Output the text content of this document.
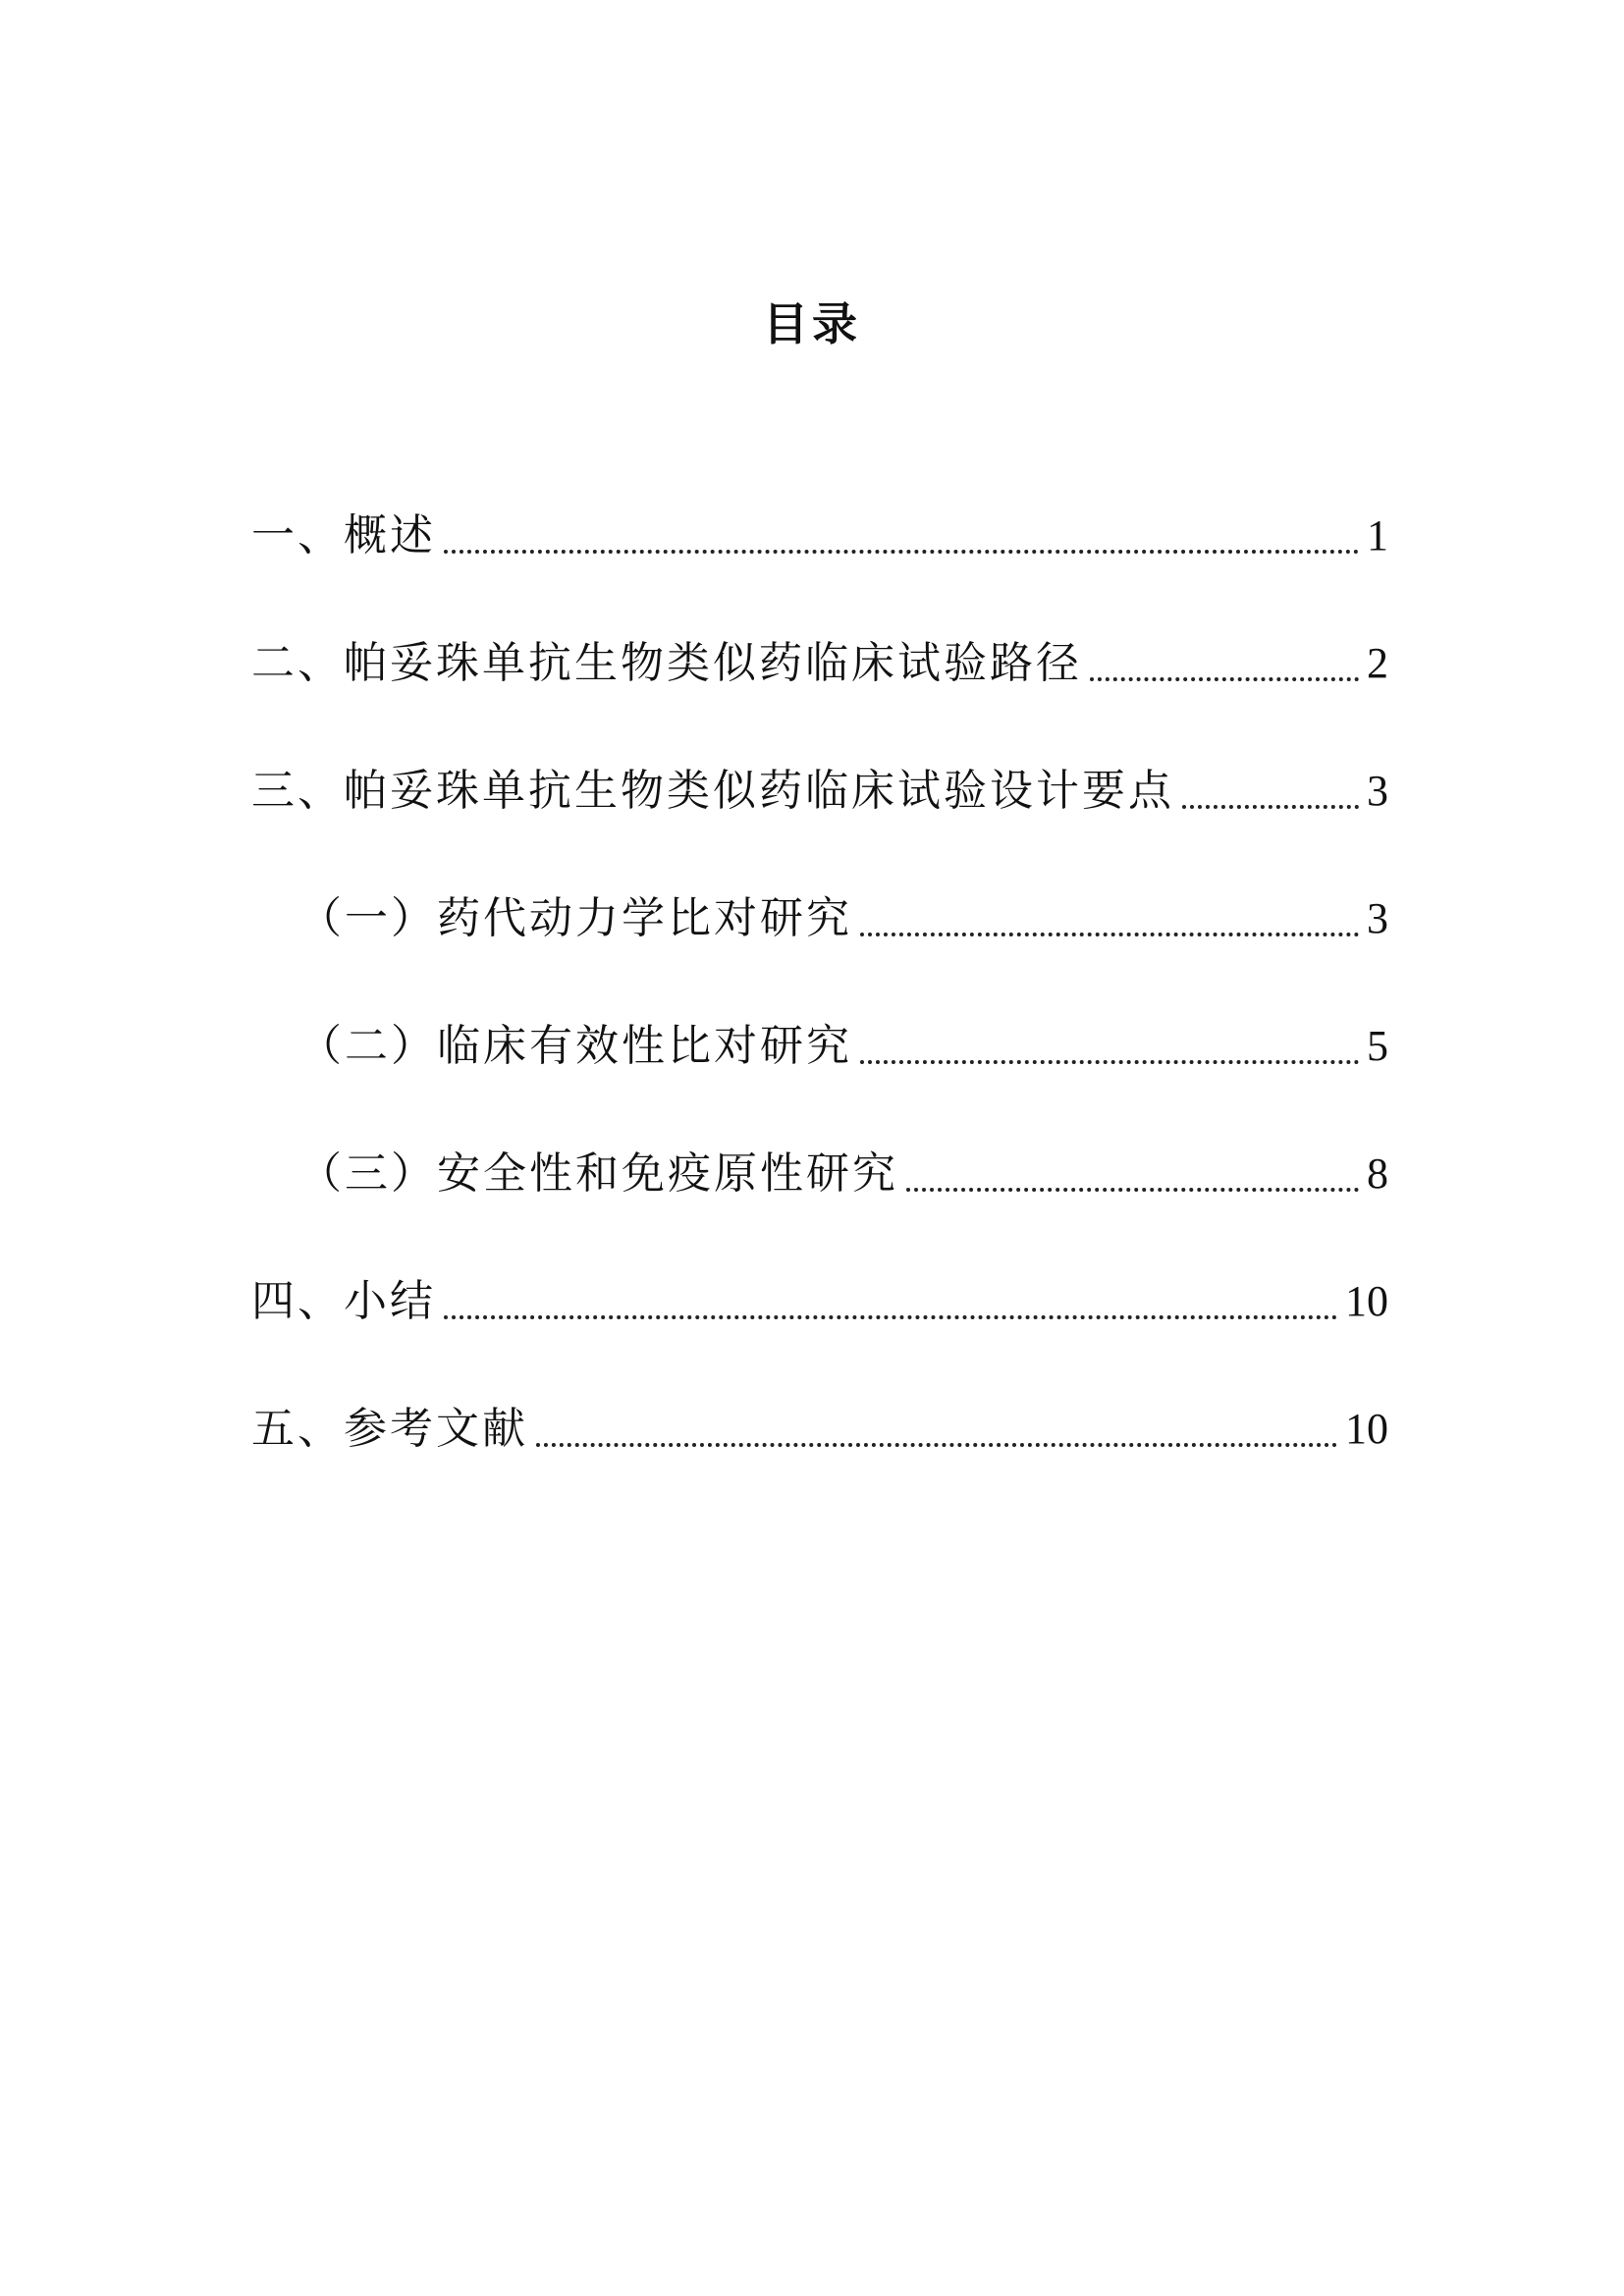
目录
一、概述	1
二、帕妥珠单抗生物类似药临床试验路径	2
三、帕妥珠单抗生物类似药临床试验设计要点	3
（一）药代动力学比对研究	3
（二）临床有效性比对研究	5
（三）安全性和免疫原性研究	8
四、小结	10
五、参考文献	10
